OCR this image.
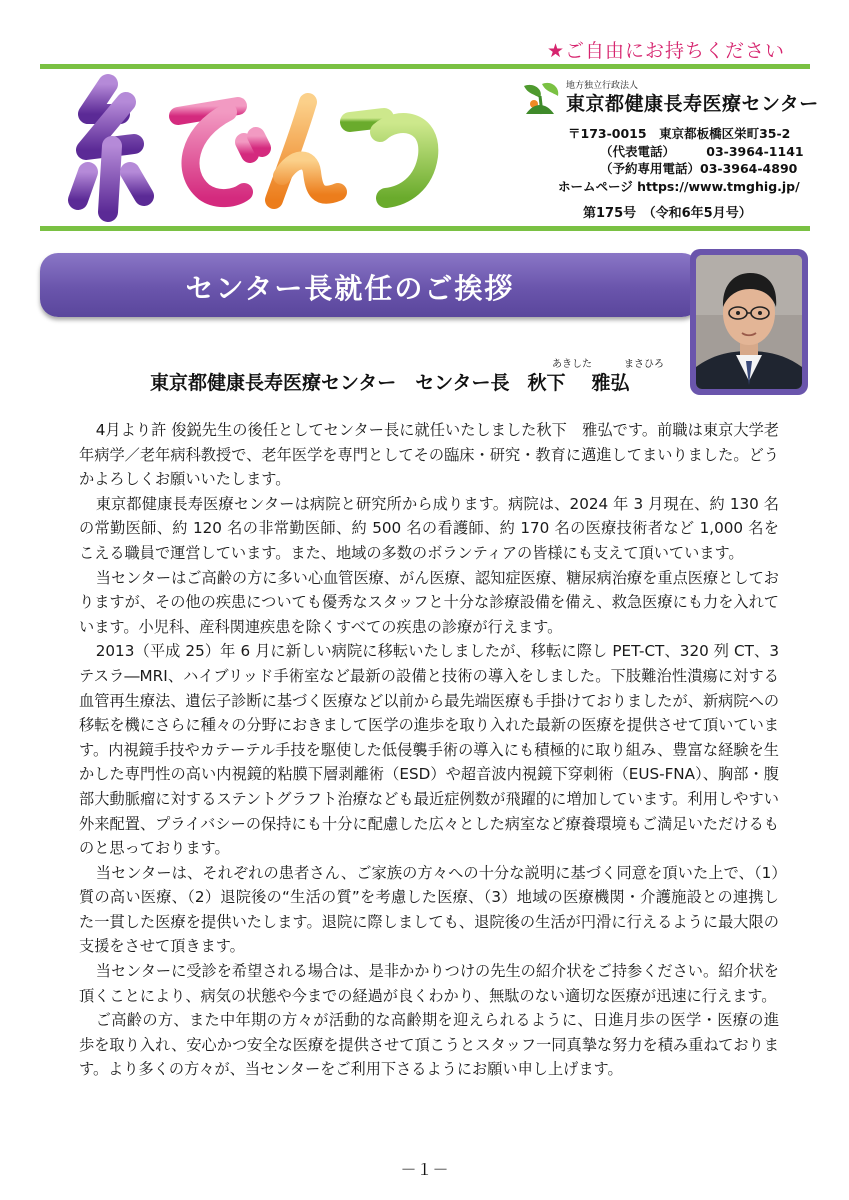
★ご自由にお持ちください
地方独立行政法人
東京都健康長寿医療センター
〒173-0015　東京都板橋区栄町35-2
（代表電話）　　　03-3964-1141
（予約専用電話）03-3964-4890
ホームページ https://www.tmghig.jp/
第175号　（令和6年5月号）
センター長就任のご挨拶
あきした	まさひろ
東京都健康長寿医療センター　センター長 秋下 雅弘

4月より許 俊鋭先生の後任としてセンター長に就任いたしました秋下　雅弘です。前職は東京大学老年病学／老年病科教授で、老年医学を専門としてその臨床・研究・教育に邁進してまいりました。どうかよろしくお願いいたします。

東京都健康長寿医療センターは病院と研究所から成ります。病院は、2024 年 3 月現在、約 130 名の常勤医師、約 120 名の非常勤医師、約 500 名の看護師、約 170 名の医療技術者など 1,000 名をこえる職員で運営しています。また、地域の多数のボランティアの皆様にも支えて頂いています。

当センターはご高齢の方に多い心血管医療、がん医療、認知症医療、糖尿病治療を重点医療としておりますが、その他の疾患についても優秀なスタッフと十分な診療設備を備え、救急医療にも力を入れています。小児科、産科関連疾患を除くすべての疾患の診療が行えます。

2013（平成 25）年 6 月に新しい病院に移転いたしましたが、移転に際し PET-CT、320 列 CT、3 テスラ―MRI、ハイブリッド手術室など最新の設備と技術の導入をしました。下肢難治性潰瘍に対する血管再生療法、遺伝子診断に基づく医療など以前から最先端医療も手掛けておりましたが、新病院への移転を機にさらに種々の分野におきまして医学の進歩を取り入れた最新の医療を提供させて頂いています。内視鏡手技やカテーテル手技を駆使した低侵襲手術の導入にも積極的に取り組み、豊富な経験を生かした専門性の高い内視鏡的粘膜下層剥離術（ESD）や超音波内視鏡下穿刺術（EUS-FNA）、胸部・腹部大動脈瘤に対するステントグラフト治療なども最近症例数が飛躍的に増加しています。利用しやすい外来配置、プライバシーの保持にも十分に配慮した広々とした病室など療養環境もご満足いただけるものと思っております。

当センターは、それぞれの患者さん、ご家族の方々への十分な説明に基づく同意を頂いた上で、（1）質の高い医療、（2）退院後の“生活の質”を考慮した医療、（3）地域の医療機関・介護施設との連携した一貫した医療を提供いたします。退院に際しましても、退院後の生活が円滑に行えるように最大限の支援をさせて頂きます。

当センターに受診を希望される場合は、是非かかりつけの先生の紹介状をご持参ください。紹介状を頂くことにより、病気の状態や今までの経過が良くわかり、無駄のない適切な医療が迅速に行えます。

ご高齢の方、また中年期の方々が活動的な高齢期を迎えられるように、日進月歩の医学・医療の進歩を取り入れ、安心かつ安全な医療を提供させて頂こうとスタッフ一同真摯な努力を積み重ねております。より多くの方々が、当センターをご利用下さるようにお願い申し上げます。

－１－
